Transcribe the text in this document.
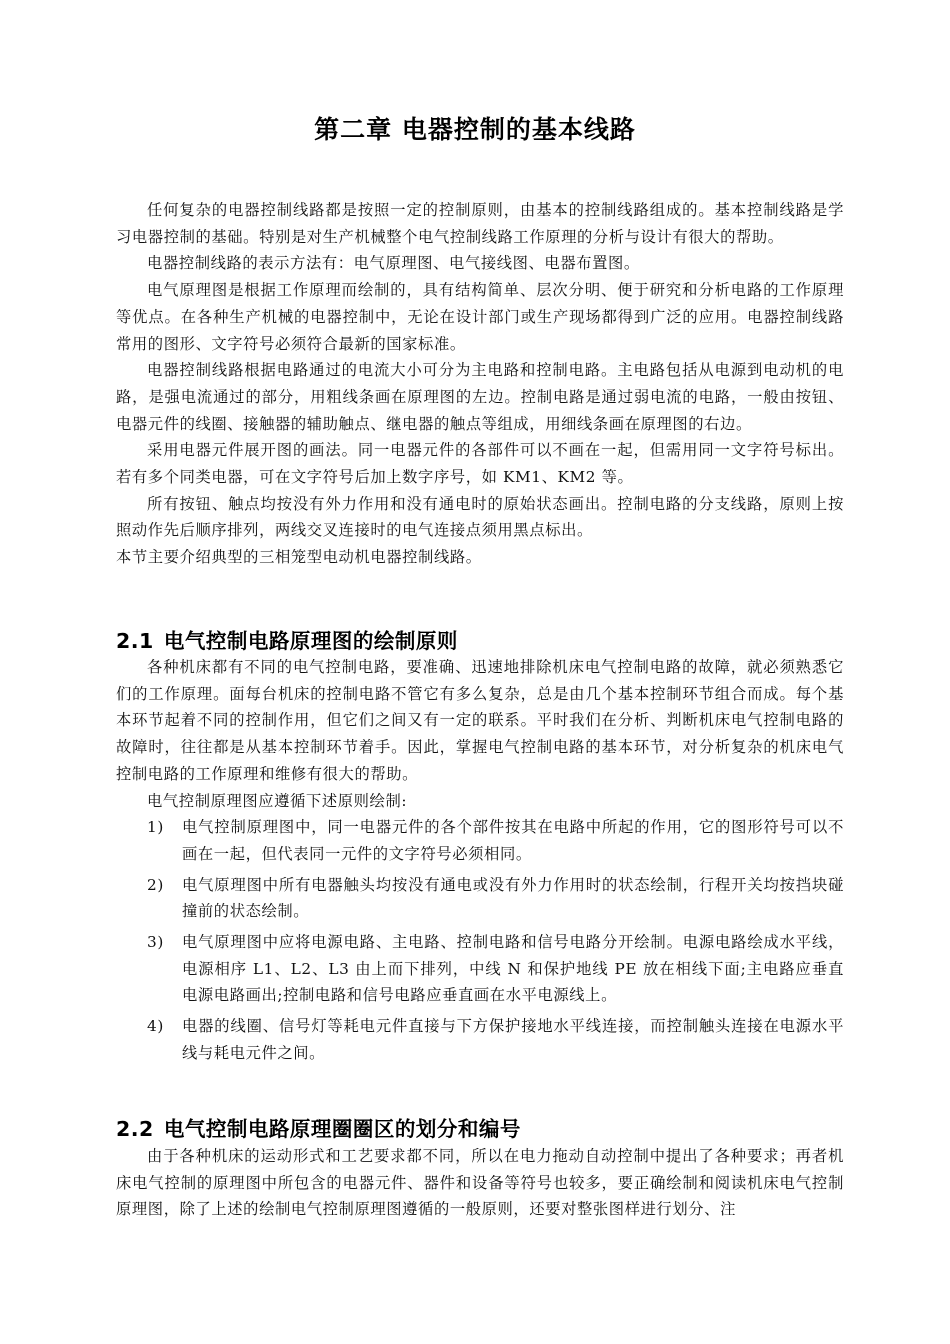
第二章 电器控制的基本线路

任何复杂的电器控制线路都是按照一定的控制原则，由基本的控制线路组成的。基本控制线路是学习电器控制的基础。特别是对生产机械整个电气控制线路工作原理的分析与设计有很大的帮助。

电器控制线路的表示方法有：电气原理图、电气接线图、电器布置图。

电气原理图是根据工作原理而绘制的，具有结构简单、层次分明、便于研究和分析电路的工作原理等优点。在各种生产机械的电器控制中，无论在设计部门或生产现场都得到广泛的应用。电器控制线路常用的图形、文字符号必须符合最新的国家标准。

电器控制线路根据电路通过的电流大小可分为主电路和控制电路。主电路包括从电源到电动机的电路，是强电流通过的部分，用粗线条画在原理图的左边。控制电路是通过弱电流的电路，一般由按钮、电器元件的线圈、接触器的辅助触点、继电器的触点等组成，用细线条画在原理图的右边。

采用电器元件展开图的画法。同一电器元件的各部件可以不画在一起，但需用同一文字符号标出。若有多个同类电器，可在文字符号后加上数字序号，如 KM1、KM2 等。

所有按钮、触点均按没有外力作用和没有通电时的原始状态画出。控制电路的分支线路，原则上按照动作先后顺序排列，两线交叉连接时的电气连接点须用黑点标出。

本节主要介绍典型的三相笼型电动机电器控制线路。

2.1 电气控制电路原理图的绘制原则

各种机床都有不同的电气控制电路，要准确、迅速地排除机床电气控制电路的故障，就必须熟悉它们的工作原理。面每台机床的控制电路不管它有多么复杂，总是由几个基本控制环节组合而成。每个基本环节起着不同的控制作用，但它们之间又有一定的联系。平时我们在分析、判断机床电气控制电路的故障时，往往都是从基本控制环节着手。因此，掌握电气控制电路的基本环节，对分析复杂的机床电气控制电路的工作原理和维修有很大的帮助。

电气控制原理图应遵循下述原则绘制:

1) 电气控制原理图中，同一电器元件的各个部件按其在电路中所起的作用，它的图形符号可以不画在一起，但代表同一元件的文字符号必须相同。
2) 电气原理图中所有电器触头均按没有通电或没有外力作用时的状态绘制，行程开关均按挡块碰撞前的状态绘制。
3) 电气原理图中应将电源电路、主电路、控制电路和信号电路分开绘制。电源电路绘成水平线，电源相序 L1、L2、L3 由上而下排列，中线 N 和保护地线 PE 放在相线下面;主电路应垂直电源电路画出;控制电路和信号电路应垂直画在水平电源线上。
4) 电器的线圈、信号灯等耗电元件直接与下方保护接地水平线连接，而控制触头连接在电源水平线与耗电元件之间。
2.2 电气控制电路原理圈圈区的划分和编号

由于各种机床的运动形式和工艺要求都不同，所以在电力拖动自动控制中提出了各种要求；再者机床电气控制的原理图中所包含的电器元件、器件和设备等符号也较多，要正确绘制和阅读机床电气控制原理图，除了上述的绘制电气控制原理图遵循的一般原则，还要对整张图样进行划分、注
